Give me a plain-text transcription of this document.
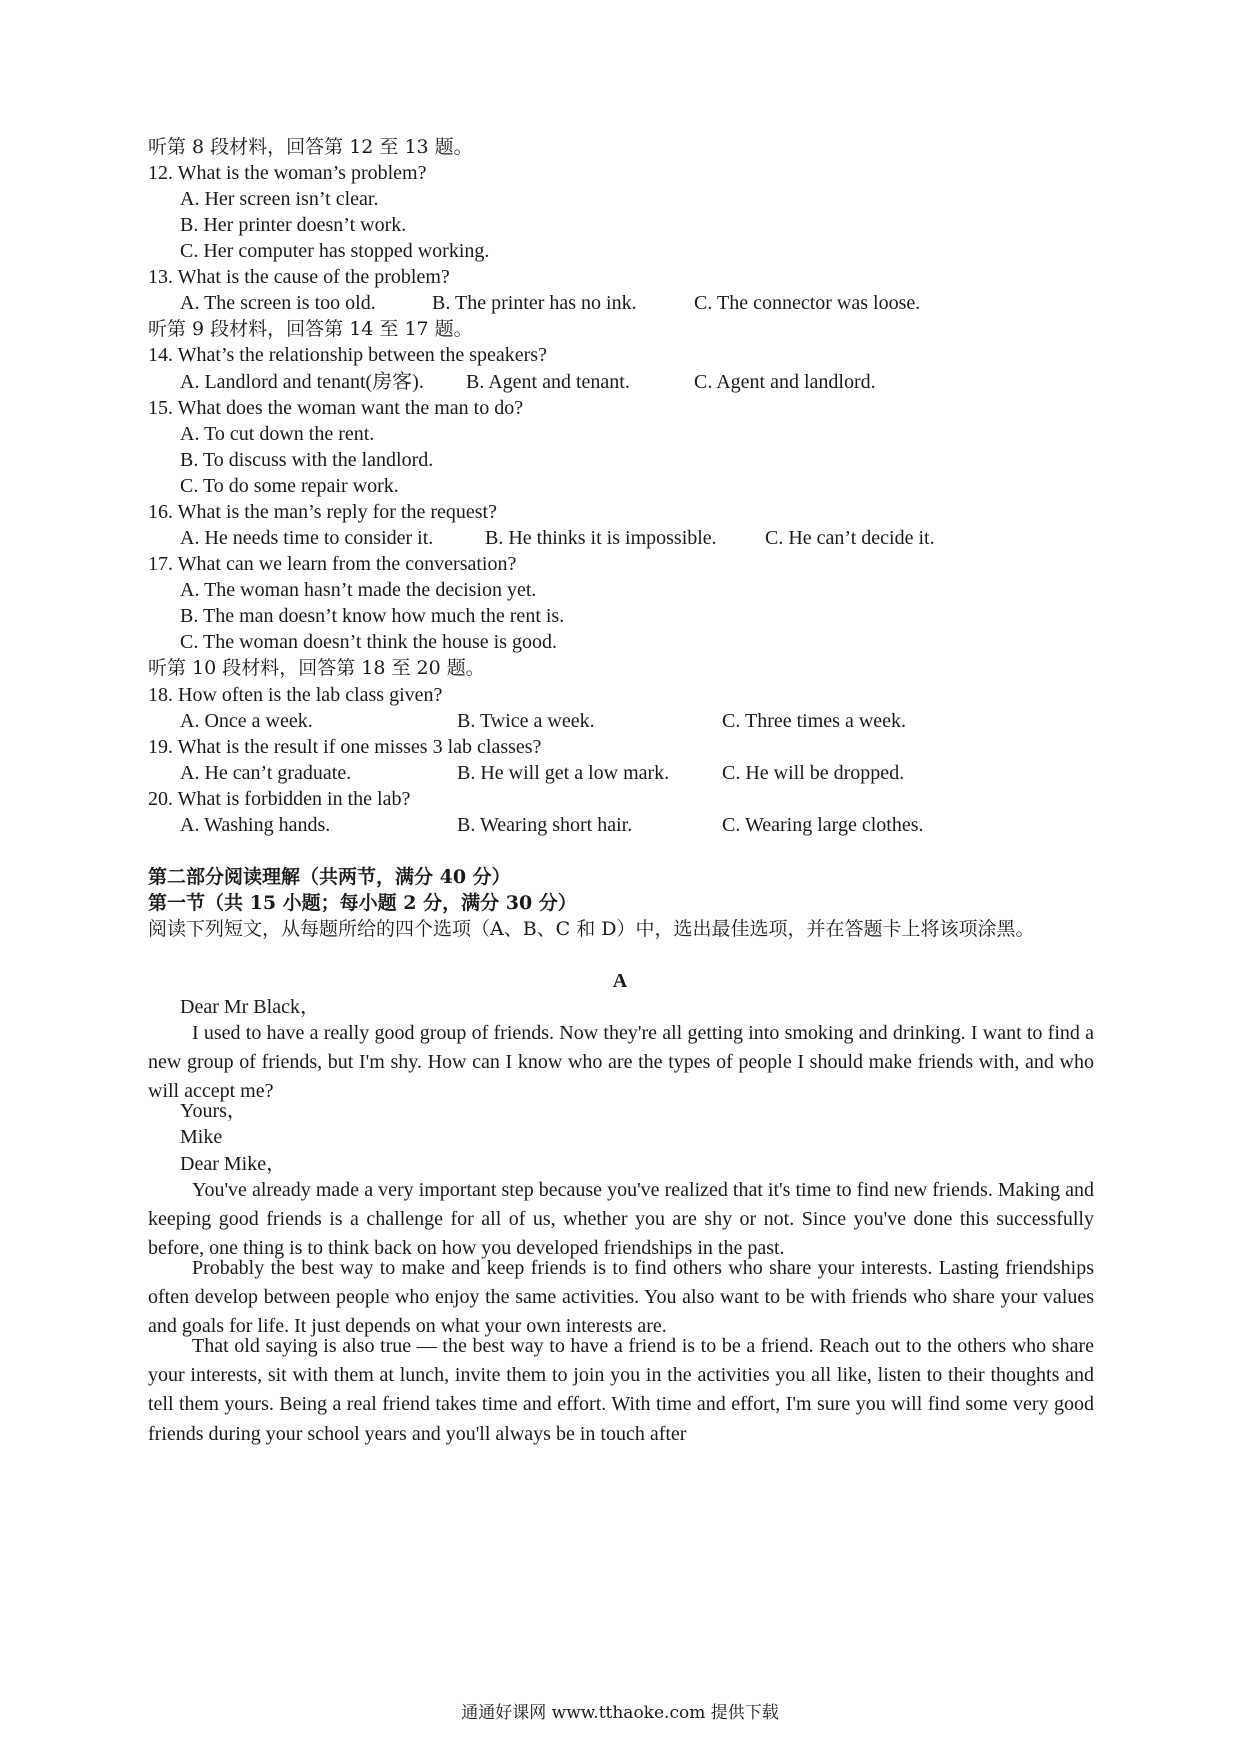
听第 8 段材料，回答第 12 至 13 题。
12. What is the woman’s problem?
A. Her screen isn’t clear.
B. Her printer doesn’t work.
C. Her computer has stopped working.
13. What is the cause of the problem?
A. The screen is too old.	B. The printer has no ink.	C. The connector was loose.
听第 9 段材料，回答第 14 至 17 题。
14. What’s the relationship between the speakers?
A. Landlord and tenant(房客). B. Agent and tenant.	C. Agent and landlord.
15. What does the woman want the man to do?
A. To cut down the rent.
B. To discuss with the landlord.
C. To do some repair work.
16. What is the man’s reply for the request?
A. He needs time to consider it.	B. He thinks it is impossible. C. He can’t decide it.
17. What can we learn from the conversation?
A. The woman hasn’t made the decision yet.
B. The man doesn’t know how much the rent is.
C. The woman doesn’t think the house is good.
听第 10 段材料，回答第 18 至 20 题。
18. How often is the lab class given?
A. Once a week.	B. Twice a week.	C. Three times a week.
19. What is the result if one misses 3 lab classes?
A. He can’t graduate.	B. He will get a low mark.	C. He will be dropped.
20. What is forbidden in the lab?
A. Washing hands.	B. Wearing short hair.	C. Wearing large clothes.
第二部分阅读理解（共两节，满分 40 分）
第一节（共 15 小题；每小题 2 分，满分 30 分）
阅读下列短文，从每题所给的四个选项（A、B、C 和 D）中，选出最佳选项，并在答题卡上将该项涂黑。
A
Dear Mr Black，
I used to have a really good group of friends. Now they're all getting into smoking and drinking. I want to find a new group of friends, but I'm shy. How can I know who are the types of people I should make friends with, and who will accept me?
Yours，
Mike
Dear Mike，
You've already made a very important step because you've realized that it's time to find new friends. Making and keeping good friends is a challenge for all of us, whether you are shy or not. Since you've done this successfully before, one thing is to think back on how you developed friendships in the past.
Probably the best way to make and keep friends is to find others who share your interests. Lasting friendships often develop between people who enjoy the same activities. You also want to be with friends who share your values and goals for life. It just depends on what your own interests are.
That old saying is also true — the best way to have a friend is to be a friend. Reach out to the others who share your interests, sit with them at lunch, invite them to join you in the activities you all like, listen to their thoughts and tell them yours. Being a real friend takes time and effort. With time and effort, I'm sure you will find some very good friends during your school years and you'll always be in touch after
通通好课网 www.tthaoke.com 提供下载
